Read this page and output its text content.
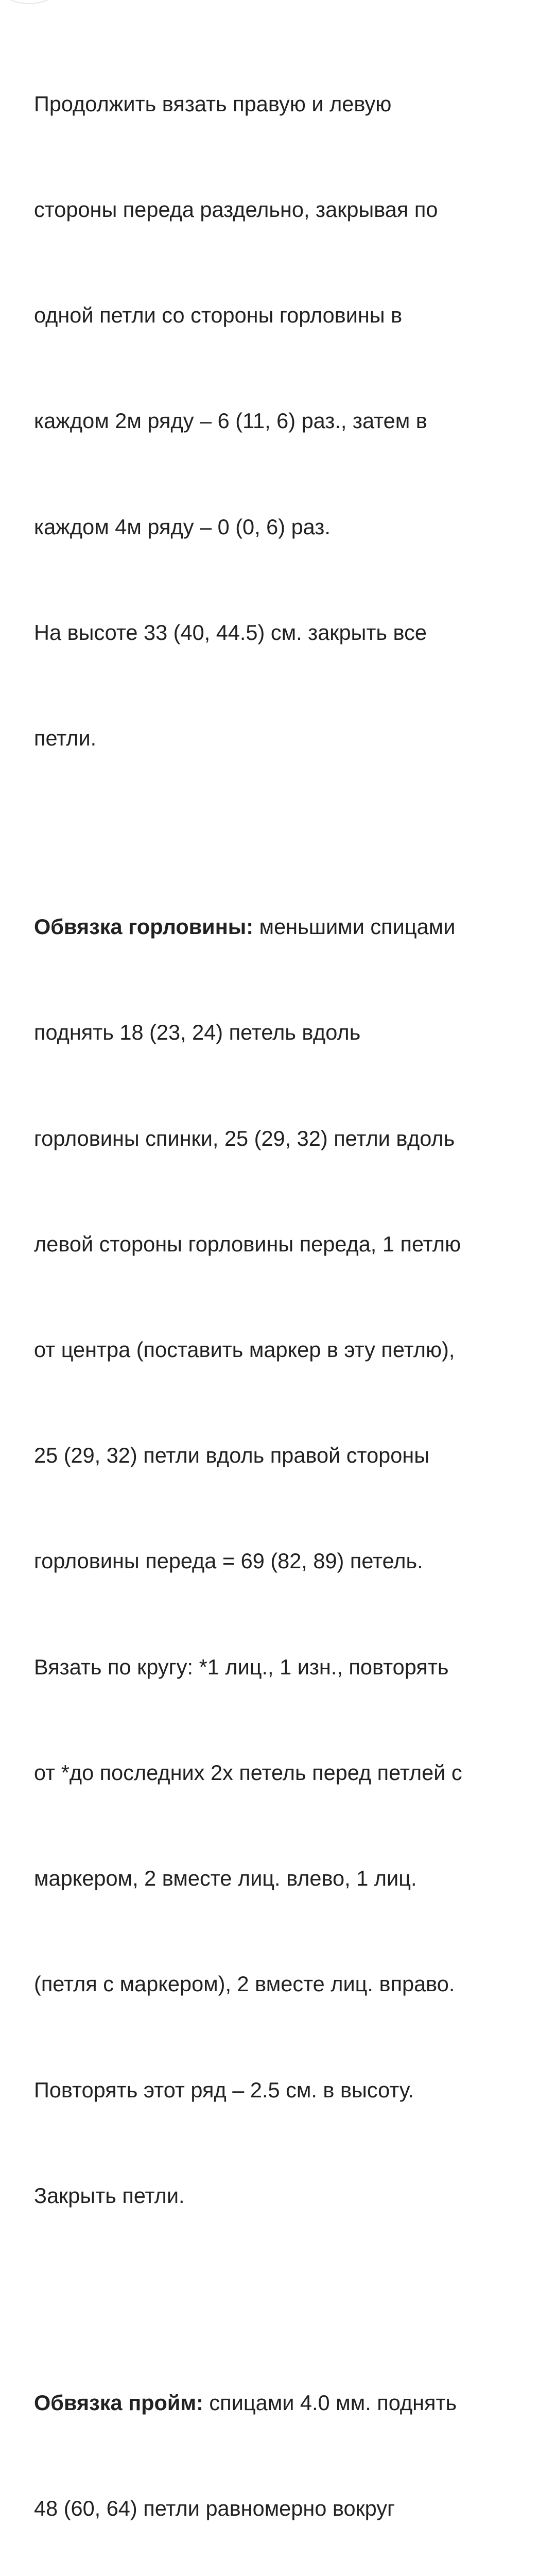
Продолжить вязать правую и левую

стороны переда раздельно, закрывая по

одной петли со стороны горловины в

каждом 2м ряду – 6 (11, 6) раз., затем в

каждом 4м ряду – 0 (0, 6) раз.

На высоте 33 (40, 44.5) см. закрыть все

петли.

Обвязка горловины: меньшими спицами

поднять 18 (23, 24) петель вдоль

горловины спинки, 25 (29, 32) петли вдоль

левой стороны горловины переда, 1 петлю

от центра (поставить маркер в эту петлю),

25 (29, 32) петли вдоль правой стороны

горловины переда = 69 (82, 89) петель.

Вязать по кругу: *1 лиц., 1 изн., повторять

от *до последних 2х петель перед петлей с

маркером, 2 вместе лиц. влево, 1 лиц.

(петля с маркером), 2 вместе лиц. вправо.

Повторять этот ряд – 2.5 см. в высоту.

Закрыть петли.

Обвязка пройм: спицами 4.0 мм. поднять

48 (60, 64) петли равномерно вокруг
